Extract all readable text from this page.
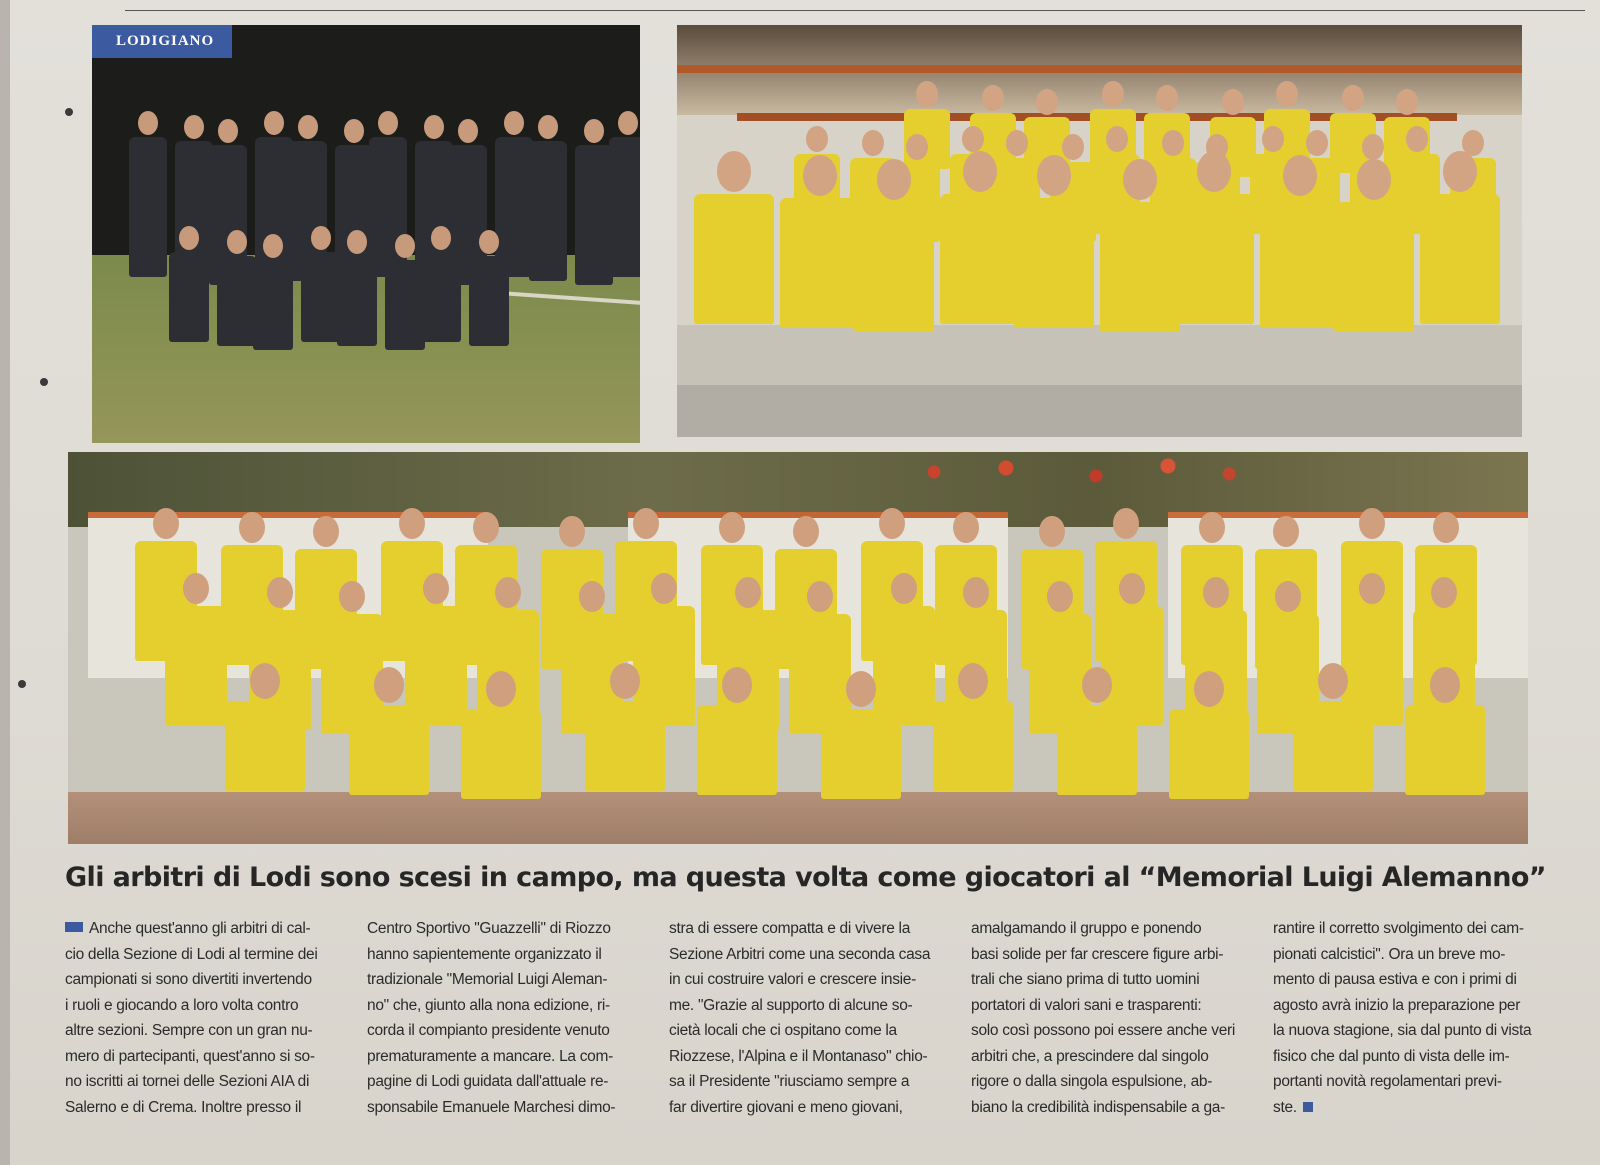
LODIGIANO
Gli arbitri di Lodi sono scesi in campo, ma questa volta come giocatori al “Memorial Luigi Alemanno”
Anche quest'anno gli arbitri di cal-
cio della Sezione di Lodi al termine dei
campionati si sono divertiti invertendo
i ruoli e giocando a loro volta contro
altre sezioni. Sempre con un gran nu-
mero di partecipanti, quest'anno si so-
no iscritti ai tornei delle Sezioni AIA di
Salerno e di Crema. Inoltre presso il
Centro Sportivo "Guazzelli" di Riozzo
hanno sapientemente organizzato il
tradizionale "Memorial Luigi Aleman-
no" che, giunto alla nona edizione, ri-
corda il compianto presidente venuto
prematuramente a mancare. La com-
pagine di Lodi guidata dall'attuale re-
sponsabile Emanuele Marchesi dimo-
stra di essere compatta e di vivere la
Sezione Arbitri come una seconda casa
in cui costruire valori e crescere insie-
me. "Grazie al supporto di alcune so-
cietà locali che ci ospitano come la
Riozzese, l'Alpina e il Montanaso" chio-
sa il Presidente "riusciamo sempre a
far divertire giovani e meno giovani,
amalgamando il gruppo e ponendo
basi solide per far crescere figure arbi-
trali che siano prima di tutto uomini
portatori di valori sani e trasparenti:
solo così possono poi essere anche veri
arbitri che, a prescindere dal singolo
rigore o dalla singola espulsione, ab-
biano la credibilità indispensabile a ga-
rantire il corretto svolgimento dei cam-
pionati calcistici". Ora un breve mo-
mento di pausa estiva e con i primi di
agosto avrà inizio la preparazione per
la nuova stagione, sia dal punto di vista
fisico che dal punto di vista delle im-
portanti novità regolamentari previ-
ste.
